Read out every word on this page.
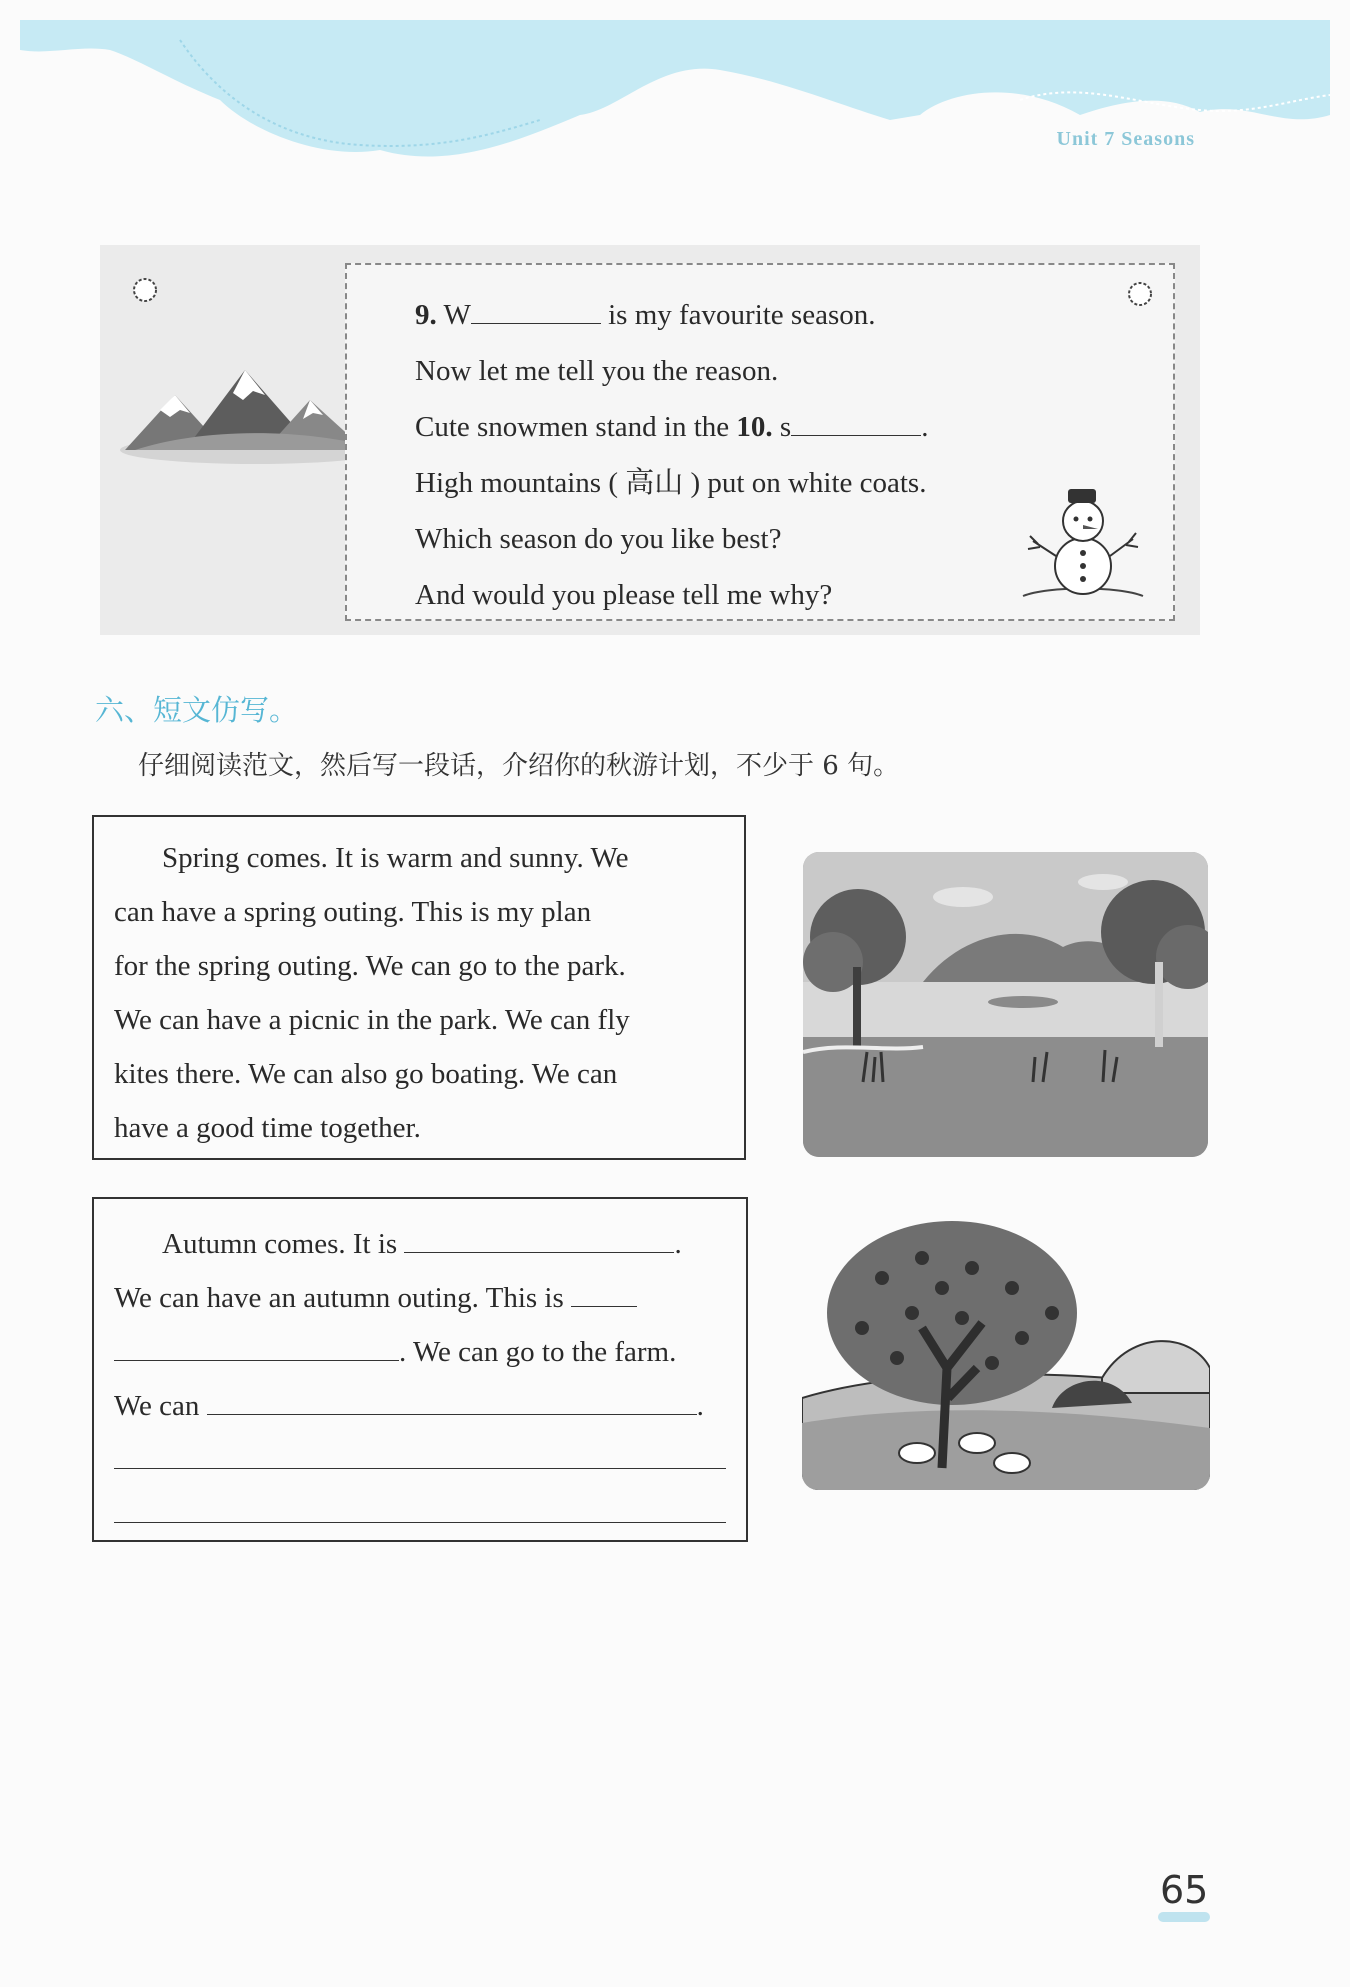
Unit 7 Seasons
9. W	is my favourite season.
Now let me tell you the reason.
Cute snowmen stand in the 10. s	.
High mountains ( 高山 ) put on white coats.
Which season do you like best?
And would you please tell me why?
六、短文仿写。
仔细阅读范文，然后写一段话，介绍你的秋游计划，不少于 6 句。
Spring comes. It is warm and sunny. We
can have a spring outing. This is my plan
for the spring outing. We can go to the park.
We can have a picnic in the park. We can fly
kites there. We can also go boating. We can
have a good time together.
Autumn comes. It is	.
We can have an autumn outing. This is
. We can go to the farm.
We can	.
65
